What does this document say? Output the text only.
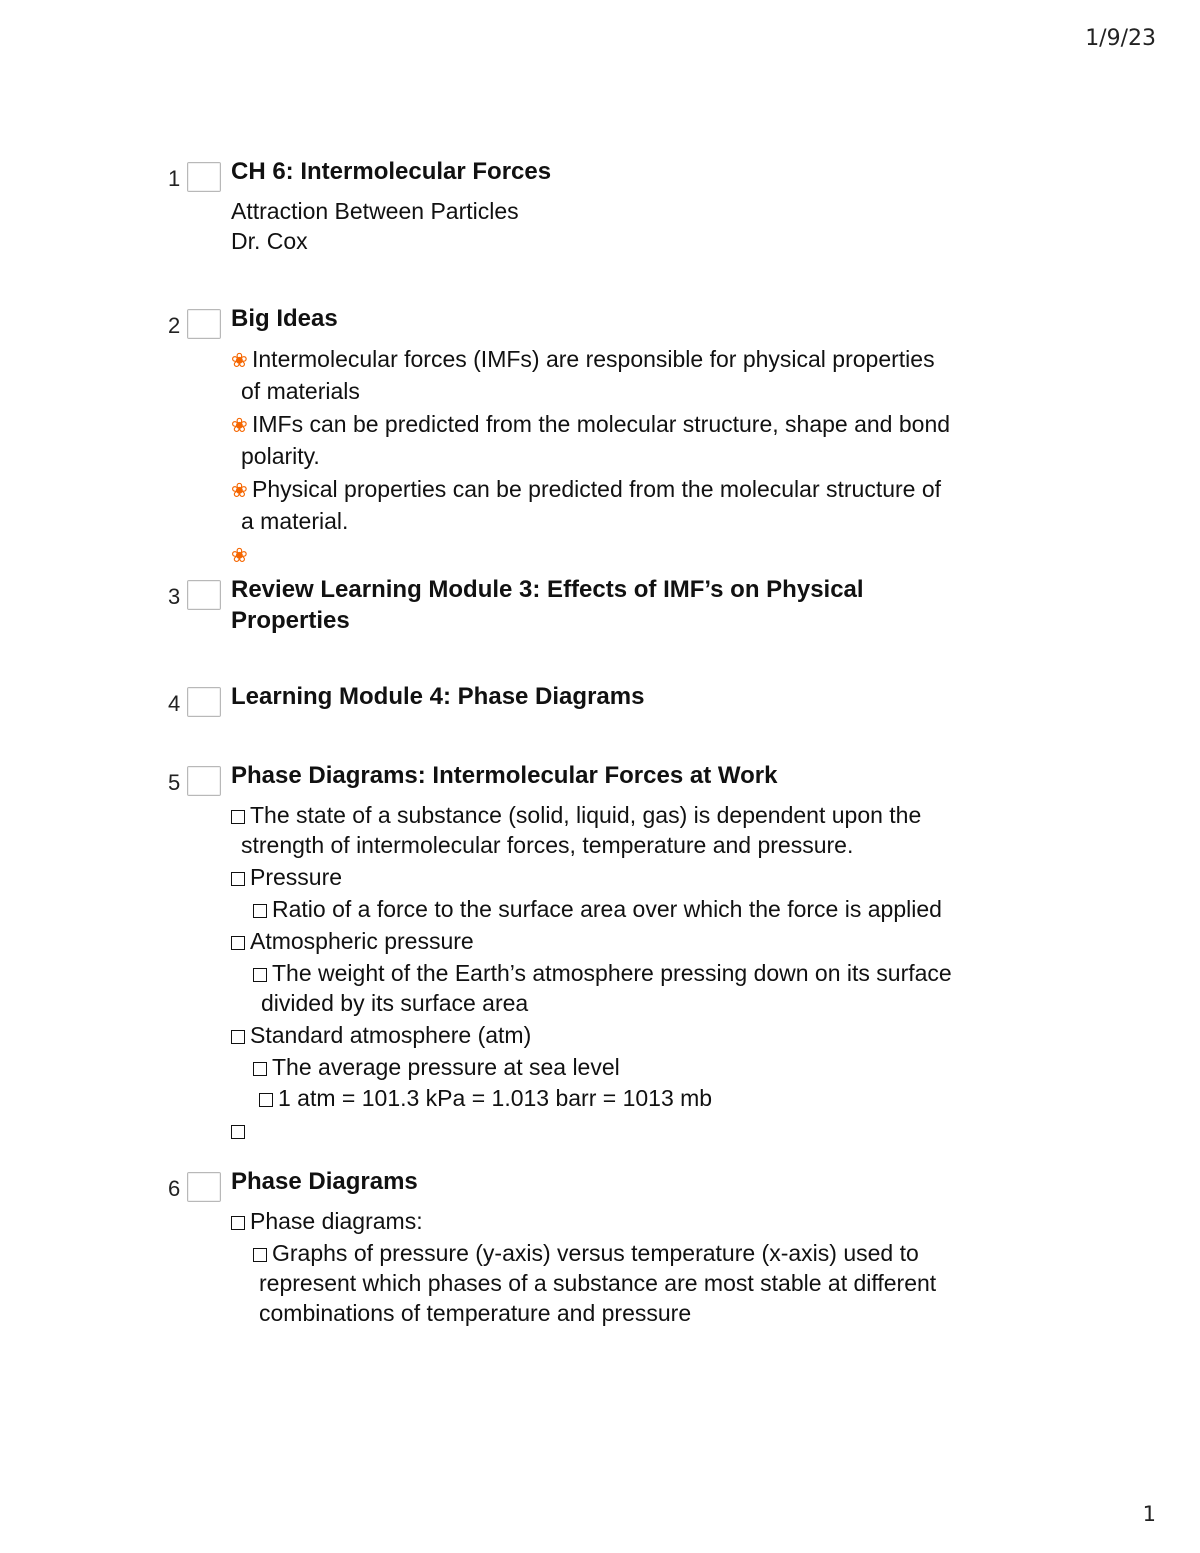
1/9/23
1 CH 6: Intermolecular Forces
Attraction Between Particles
Dr. Cox
2 Big Ideas
❀ Intermolecular forces (IMFs) are responsible for physical properties
of materials
❀ IMFs can be predicted from the molecular structure, shape and bond
polarity.
❀ Physical properties can be predicted from the molecular structure of
a material.
❀
3 Review Learning Module 3: Effects of IMF’s on Physical
Properties
4 Learning Module 4: Phase Diagrams
5 Phase Diagrams: Intermolecular Forces at Work
The state of a substance (solid, liquid, gas) is dependent upon the
strength of intermolecular forces, temperature and pressure.
Pressure
Ratio of a force to the surface area over which the force is applied
Atmospheric pressure
The weight of the Earth’s atmosphere pressing down on its surface
divided by its surface area
Standard atmosphere (atm)
The average pressure at sea level
1 atm = 101.3 kPa = 1.013 barr = 1013 mb
6 Phase Diagrams
Phase diagrams:
Graphs of pressure (y-axis) versus temperature (x-axis) used to
represent which phases of a substance are most stable at different
combinations of temperature and pressure
1
